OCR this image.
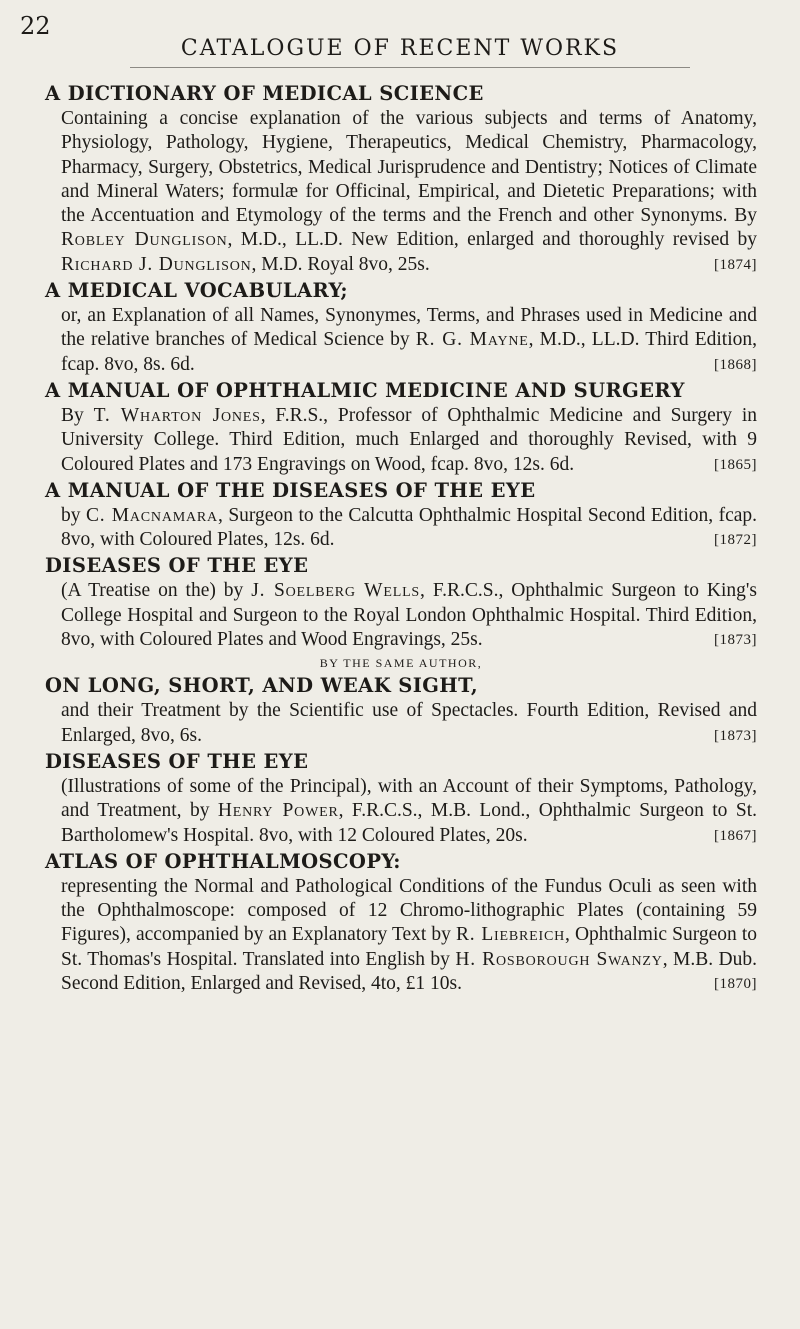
22
CATALOGUE OF RECENT WORKS
A DICTIONARY OF MEDICAL SCIENCE
Containing a concise explanation of the various subjects and terms of Anatomy, Physiology, Pathology, Hygiene, Therapeutics, Medical Chemistry, Pharmacology, Pharmacy, Surgery, Obstetrics, Medical Jurisprudence and Dentistry; Notices of Climate and Mineral Waters; formulæ for Officinal, Empirical, and Dietetic Preparations; with the Accentuation and Etymology of the terms and the French and other Synonyms. By Robley Dunglison, M.D., LL.D. New Edition, enlarged and thoroughly revised by Richard J. Dunglison, M.D. Royal 8vo, 25s.	[1874]
A MEDICAL VOCABULARY;
or, an Explanation of all Names, Synonymes, Terms, and Phrases used in Medicine and the relative branches of Medical Science by R. G. Mayne, M.D., LL.D. Third Edition, fcap. 8vo, 8s. 6d.	[1868]
A MANUAL OF OPHTHALMIC MEDICINE AND SURGERY
By T. Wharton Jones, F.R.S., Professor of Ophthalmic Medicine and Surgery in University College. Third Edition, much Enlarged and thoroughly Revised, with 9 Coloured Plates and 173 Engravings on Wood, fcap. 8vo, 12s. 6d.	[1865]
A MANUAL OF THE DISEASES OF THE EYE
by C. Macnamara, Surgeon to the Calcutta Ophthalmic Hospital Second Edition, fcap. 8vo, with Coloured Plates, 12s. 6d.	[1872]
DISEASES OF THE EYE
(A Treatise on the) by J. Soelberg Wells, F.R.C.S., Ophthalmic Surgeon to King's College Hospital and Surgeon to the Royal London Ophthalmic Hospital. Third Edition, 8vo, with Coloured Plates and Wood Engravings, 25s.	[1873]
BY THE SAME AUTHOR,
ON LONG, SHORT, AND WEAK SIGHT,
and their Treatment by the Scientific use of Spectacles. Fourth Edition, Revised and Enlarged, 8vo, 6s.	[1873]
DISEASES OF THE EYE
(Illustrations of some of the Principal), with an Account of their Symptoms, Pathology, and Treatment, by Henry Power, F.R.C.S., M.B. Lond., Ophthalmic Surgeon to St. Bartholomew's Hospital. 8vo, with 12 Coloured Plates, 20s.	[1867]
ATLAS OF OPHTHALMOSCOPY:
representing the Normal and Pathological Conditions of the Fundus Oculi as seen with the Ophthalmoscope: composed of 12 Chromo-lithographic Plates (containing 59 Figures), accompanied by an Explanatory Text by R. Liebreich, Ophthalmic Surgeon to St. Thomas's Hospital. Translated into English by H. Rosborough Swanzy, M.B. Dub. Second Edition, Enlarged and Revised, 4to, £1 10s.	[1870]
